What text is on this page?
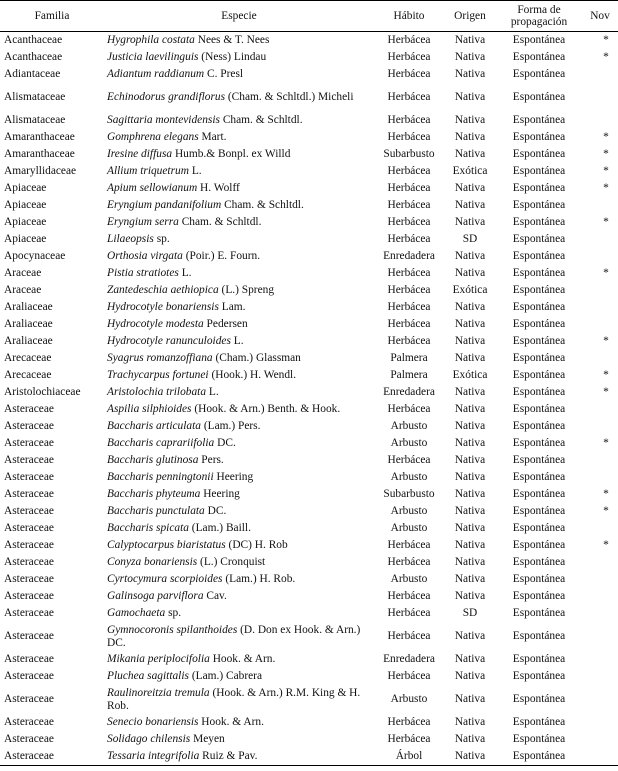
Familia	Especie	Hábito	Origen	Forma de propagación	Nov
Acanthaceae	Hygrophila costata Nees & T. Nees	Herbácea	Nativa	Espontánea	*
Acanthaceae	Justicia laevilinguis (Ness) Lindau	Herbácea	Nativa	Espontánea	*
Adiantaceae	Adiantum raddianum C. Presl	Herbácea	Nativa	Espontánea	
Alismataceae	Echinodorus grandiflorus (Cham. & Schltdl.) Micheli	Herbácea	Nativa	Espontánea	
Alismataceae	Sagittaria montevidensis Cham. & Schltdl.	Herbácea	Nativa	Espontánea	
Amaranthaceae	Gomphrena elegans Mart.	Herbácea	Nativa	Espontánea	*
Amaranthaceae	Iresine diffusa Humb.& Bonpl. ex Willd	Subarbusto	Nativa	Espontánea	*
Amaryllidaceae	Allium triquetrum L.	Herbácea	Exótica	Espontánea	*
Apiaceae	Apium sellowianum H. Wolff	Herbácea	Nativa	Espontánea	*
Apiaceae	Eryngium pandanifolium Cham. & Schltdl.	Herbácea	Nativa	Espontánea	
Apiaceae	Eryngium serra Cham. & Schltdl.	Herbácea	Nativa	Espontánea	*
Apiaceae	Lilaeopsis sp.	Herbácea	SD	Espontánea	
Apocynaceae	Orthosia virgata (Poir.) E. Fourn.	Enredadera	Nativa	Espontánea	
Araceae	Pistia stratiotes L.	Herbácea	Nativa	Espontánea	*
Araceae	Zantedeschia aethiopica (L.) Spreng	Herbácea	Exótica	Espontánea	
Araliaceae	Hydrocotyle bonariensis Lam.	Herbácea	Nativa	Espontánea	
Araliaceae	Hydrocotyle modesta Pedersen	Herbácea	Nativa	Espontánea	
Araliaceae	Hydrocotyle ranunculoides L.	Herbácea	Nativa	Espontánea	*
Arecaceae	Syagrus romanzoffiana (Cham.) Glassman	Palmera	Nativa	Espontánea	
Arecaceae	Trachycarpus fortunei (Hook.) H. Wendl.	Palmera	Exótica	Espontánea	*
Aristolochiaceae	Aristolochia trilobata L.	Enredadera	Nativa	Espontánea	*
Asteraceae	Aspilia silphioides (Hook. & Arn.) Benth. & Hook.	Herbácea	Nativa	Espontánea	
Asteraceae	Baccharis articulata (Lam.) Pers.	Arbusto	Nativa	Espontánea	
Asteraceae	Baccharis caprariifolia DC.	Arbusto	Nativa	Espontánea	*
Asteraceae	Baccharis glutinosa Pers.	Herbácea	Nativa	Espontánea	
Asteraceae	Baccharis penningtonii Heering	Arbusto	Nativa	Espontánea	
Asteraceae	Baccharis phyteuma Heering	Subarbusto	Nativa	Espontánea	*
Asteraceae	Baccharis punctulata DC.	Arbusto	Nativa	Espontánea	*
Asteraceae	Baccharis spicata (Lam.) Baill.	Arbusto	Nativa	Espontánea	
Asteraceae	Calyptocarpus biaristatus (DC) H. Rob	Herbácea	Nativa	Espontánea	*
Asteraceae	Conyza bonariensis (L.) Cronquist	Herbácea	Nativa	Espontánea	
Asteraceae	Cyrtocymura scorpioides (Lam.) H. Rob.	Arbusto	Nativa	Espontánea	
Asteraceae	Galinsoga parviflora Cav.	Herbácea	Nativa	Espontánea	
Asteraceae	Gamochaeta sp.	Herbácea	SD	Espontánea	
Asteraceae	Gymnocoronis spilanthoides (D. Don ex Hook. & Arn.) DC.	Herbácea	Nativa	Espontánea	
Asteraceae	Mikania periplocifolia Hook. & Arn.	Enredadera	Nativa	Espontánea	
Asteraceae	Pluchea sagittalis (Lam.) Cabrera	Herbácea	Nativa	Espontánea	
Asteraceae	Raulinoreitzia tremula (Hook. & Arn.) R.M. King & H. Rob.	Arbusto	Nativa	Espontánea	
Asteraceae	Senecio bonariensis Hook. & Arn.	Herbácea	Nativa	Espontánea	
Asteraceae	Solidago chilensis Meyen	Herbácea	Nativa	Espontánea	
Asteraceae	Tessaria integrifolia Ruiz & Pav.	Árbol	Nativa	Espontánea	
